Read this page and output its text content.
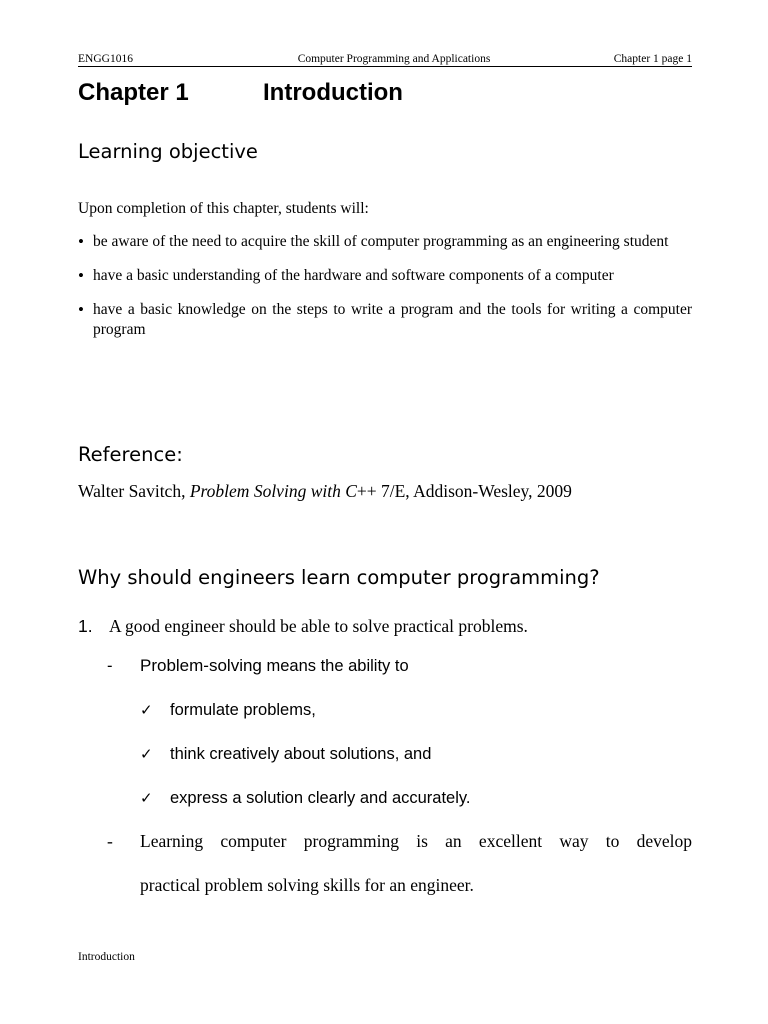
ENGG1016	Computer Programming and Applications	Chapter 1 page 1
Chapter 1	Introduction
Learning objective
Upon completion of this chapter, students will:
• be aware of the need to acquire the skill of computer programming as an engineering student
• have a basic understanding of the hardware and software components of a computer
• have a basic knowledge on the steps to write a program and the tools for writing a computer program
Reference:
Walter Savitch, Problem Solving with C++ 7/E, Addison-Wesley, 2009
Why should engineers learn computer programming?
1. A good engineer should be able to solve practical problems.
- Problem-solving means the ability to
✓ formulate problems,
✓ think creatively about solutions, and
✓ express a solution clearly and accurately.
- Learning computer programming is an excellent way to develop
practical problem solving skills for an engineer.
Introduction
